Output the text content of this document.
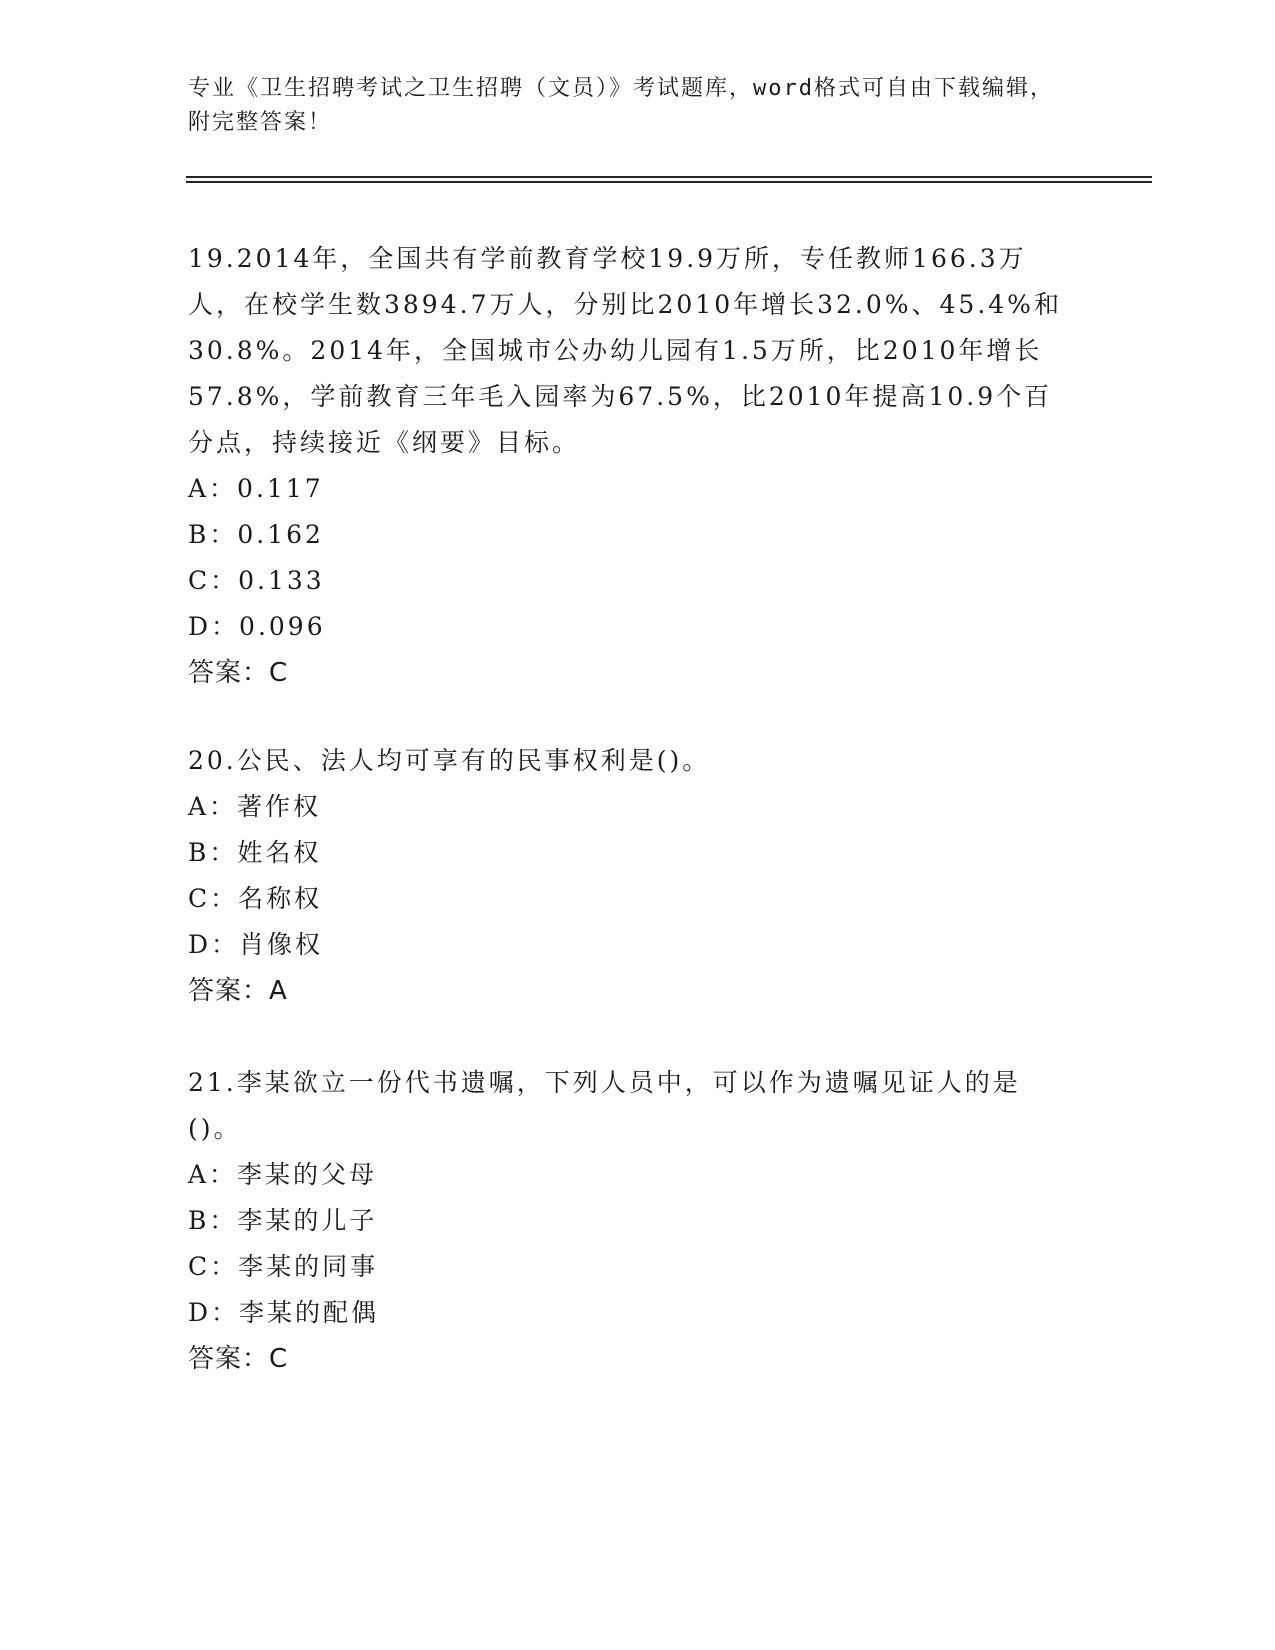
专业《卫生招聘考试之卫生招聘（文员）》考试题库，word格式可自由下载编辑，附完整答案！
19.2014年，全国共有学前教育学校19.9万所，专任教师166.3万人，在校学生数3894.7万人，分别比2010年增长32.0%、45.4%和30.8%。2014年，全国城市公办幼儿园有1.5万所，比2010年增长57.8%，学前教育三年毛入园率为67.5%，比2010年提高10.9个百分点，持续接近《纲要》目标。
A：0.117
B：0.162
C：0.133
D：0.096
答案：C
20.公民、法人均可享有的民事权利是()。
A：著作权
B：姓名权
C：名称权
D：肖像权
答案：A
21.李某欲立一份代书遗嘱，下列人员中，可以作为遗嘱见证人的是()。
A：李某的父母
B：李某的儿子
C：李某的同事
D：李某的配偶
答案：C
